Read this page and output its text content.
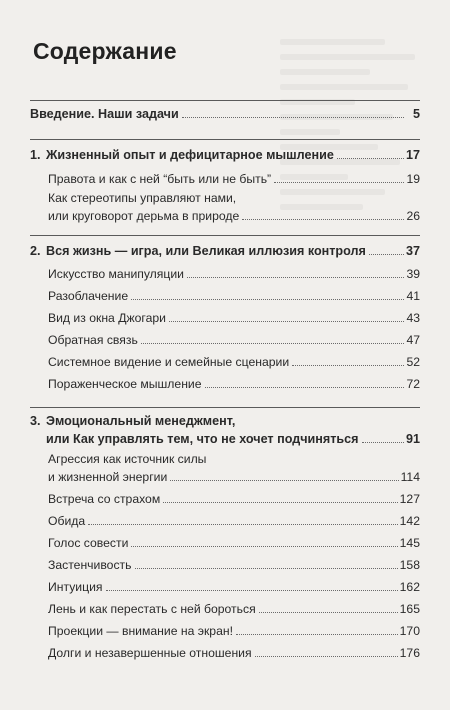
Содержание
Введение. Наши задачи	5
1. Жизненный опыт и дефицитарное мышление	17
Правота и как с ней “быть или не быть”	19
Как стереотипы управляют нами,
или круговорот дерьма в природе	26
2. Вся жизнь — игра, или Великая иллюзия контроля	37
Искусство манипуляции	39
Разоблачение	41
Вид из окна Джогари	43
Обратная связь	47
Системное видение и семейные сценарии	52
Пораженческое мышление	72
3. Эмоциональный менеджмент,
или Как управлять тем, что не хочет подчиняться	91
Агрессия как источник силы
и жизненной энергии	114
Встреча со страхом	127
Обида	142
Голос совести	145
Застенчивость	158
Интуиция	162
Лень и как перестать с ней бороться	165
Проекции — внимание на экран!	170
Долги и незавершенные отношения	176
